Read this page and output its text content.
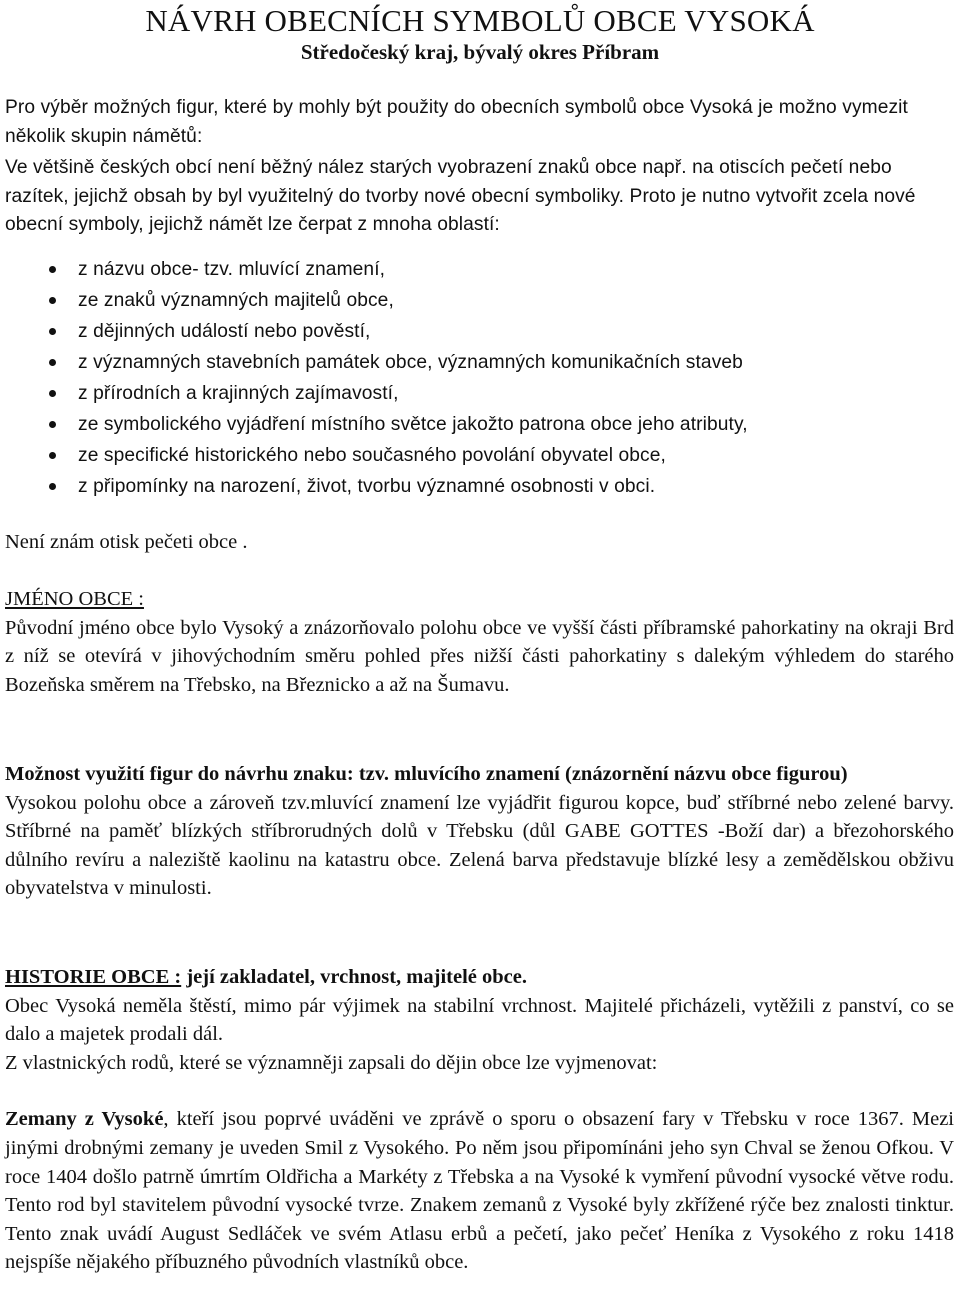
NÁVRH OBECNÍCH SYMBOLŮ OBCE VYSOKÁ
Středočeský kraj, bývalý okres Příbram

Pro výběr možných figur, které by mohly být použity do obecních symbolů obce Vysoká je možno vymezit několik skupin námětů:

Ve většině českých obcí není běžný nález starých vyobrazení znaků obce např. na otiscích pečetí nebo razítek, jejichž obsah by byl využitelný do tvorby nové obecní symboliky. Proto je nutno vytvořit zcela nové obecní symboly, jejichž námět lze čerpat z mnoha oblastí:

z názvu obce- tzv. mluvící znamení,
ze znaků významných majitelů obce,
z dějinných událostí nebo pověstí,
z významných stavebních památek obce, významných komunikačních staveb
z přírodních a krajinných zajímavostí,
ze symbolického vyjádření místního světce jakožto patrona obce jeho atributy,
ze specifické historického nebo současného povolání obyvatel obce,
z připomínky na narození, život, tvorbu významné osobnosti v obci.

Není znám otisk pečeti obce .

JMÉNO OBCE :

Původní jméno obce bylo Vysoký a znázorňovalo polohu obce ve vyšší části příbramské pahorkatiny na okraji Brd z níž se otevírá v jihovýchodním směru pohled přes nižší části pahorkatiny s dalekým výhledem do starého Bozeňska směrem na Třebsko, na Březnicko a až na Šumavu.

Možnost využití figur do návrhu znaku: tzv. mluvícího znamení (znázornění názvu obce figurou)

Vysokou polohu obce a zároveň tzv.mluvící znamení lze vyjádřit figurou kopce, buď stříbrné nebo zelené barvy. Stříbrné na paměť blízkých stříbrorudných dolů v Třebsku (důl GABE GOTTES -Boží dar) a březohorského důlního revíru a naleziště kaolinu na katastru obce. Zelená barva představuje blízké lesy a zemědělskou obživu obyvatelstva v minulosti.

HISTORIE OBCE : její zakladatel, vrchnost, majitelé obce.

Obec Vysoká neměla štěstí, mimo pár výjimek na stabilní vrchnost. Majitelé přicházeli, vytěžili z panství, co se dalo a majetek prodali dál.

Z vlastnických rodů, které se významněji zapsali do dějin obce lze vyjmenovat:

Zemany z Vysoké, kteří jsou poprvé uváděni ve zprávě o sporu o obsazení fary v Třebsku v roce 1367. Mezi jinými drobnými zemany je uveden Smil z Vysokého. Po něm jsou připomínáni jeho syn Chval se ženou Ofkou. V roce 1404 došlo patrně úmrtím Oldřicha a Markéty z Třebska a na Vysoké k vymření původní vysocké větve rodu. Tento rod byl stavitelem původní vysocké tvrze. Znakem zemanů z Vysoké byly zkřížené rýče bez znalosti tinktur. Tento znak uvádí August Sedláček ve svém Atlasu erbů a pečetí, jako pečeť Heníka z Vysokého z roku 1418 nejspíše nějakého příbuzného původních vlastníků obce.
